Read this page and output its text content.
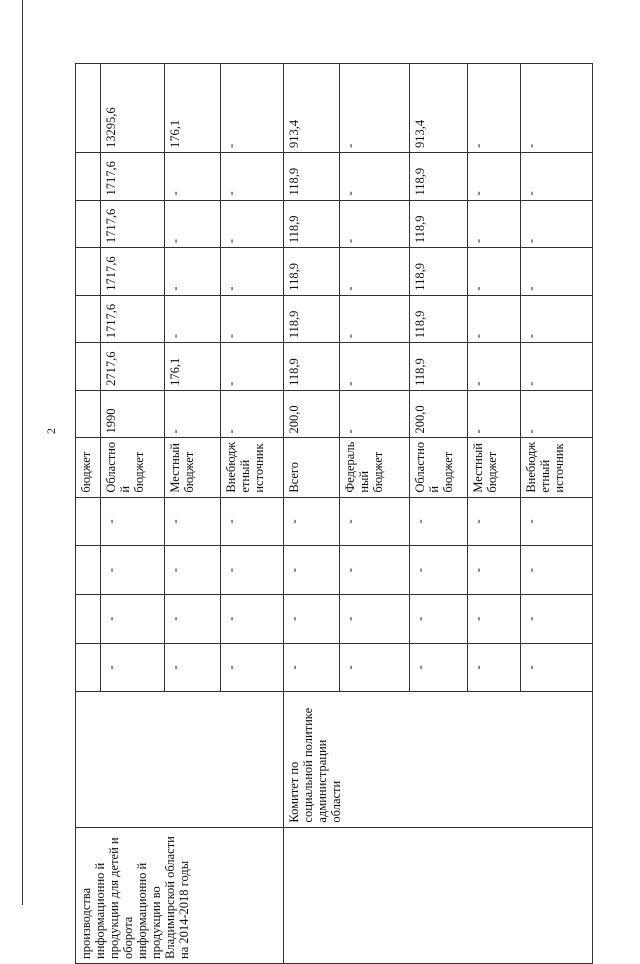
2
производства информационно й продукции для детей и оборота информационно й продукции во Владимирской области на 2014-2018 годы						бюджет							
		-	-	-	-	Областно й бюджет	1990	2717,6	1717,6	1717,6	1717,6	1717,6	13295,6
		-	-	-	-	Местный бюджет	-	176,1	-	-	-	-	176,1
		-	-	-	-	Внебюдж етный источник	-	-	-	-	-	-	-
	Комитет по социальной политике администрации области	-	-	-	-	Всего	200,0	118,9	118,9	118,9	118,9	118,9	913,4
		-	-	-	-	Федераль ный бюджет	-	-	-	-	-	-	-
		-	-	-	-	Областно й бюджет	200,0	118,9	118,9	118,9	118,9	118,9	913,4
		-	-	-	-	Местный бюджет	-	-	-	-	-	-	-
		-	-	-	-	Внебюдж етный источник	-	-	-	-	-	-	-
